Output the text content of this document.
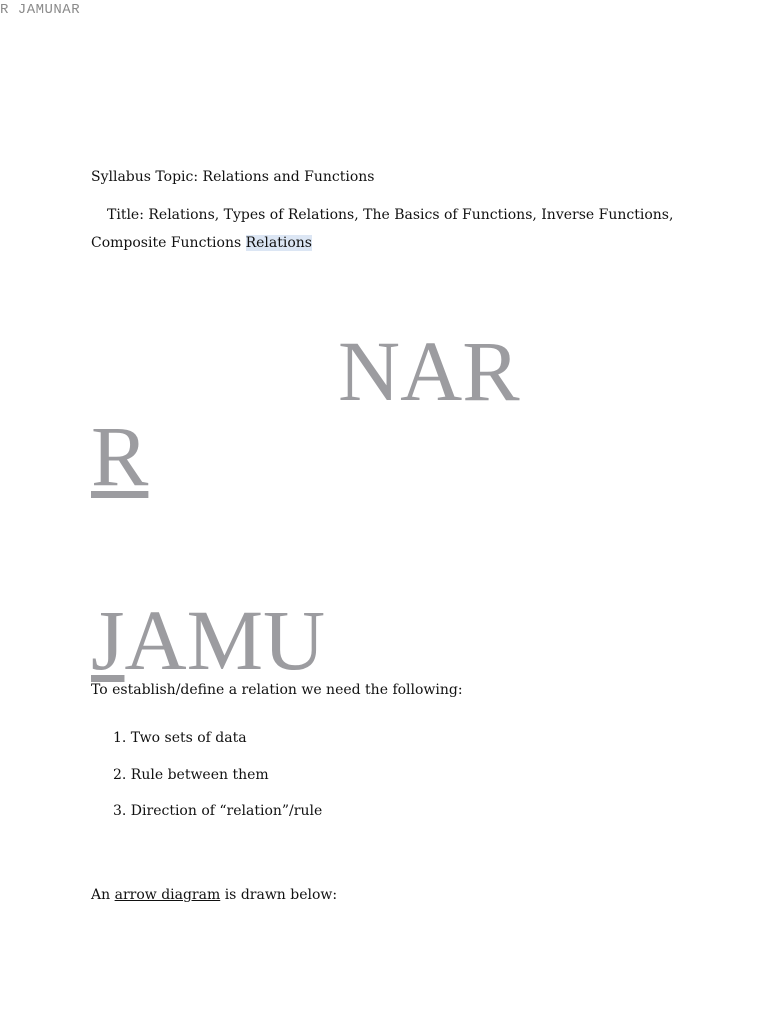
R JAMUNAR
Syllabus Topic: Relations and Functions
Title: Relations, Types of Relations, The Basics of Functions, Inverse Functions, Composite Functions Relations
NAR
R
JAMU
To establish/define a relation we need the following:
1. Two sets of data
2. Rule between them
3. Direction of “relation”/rule
An arrow diagram is drawn below:
